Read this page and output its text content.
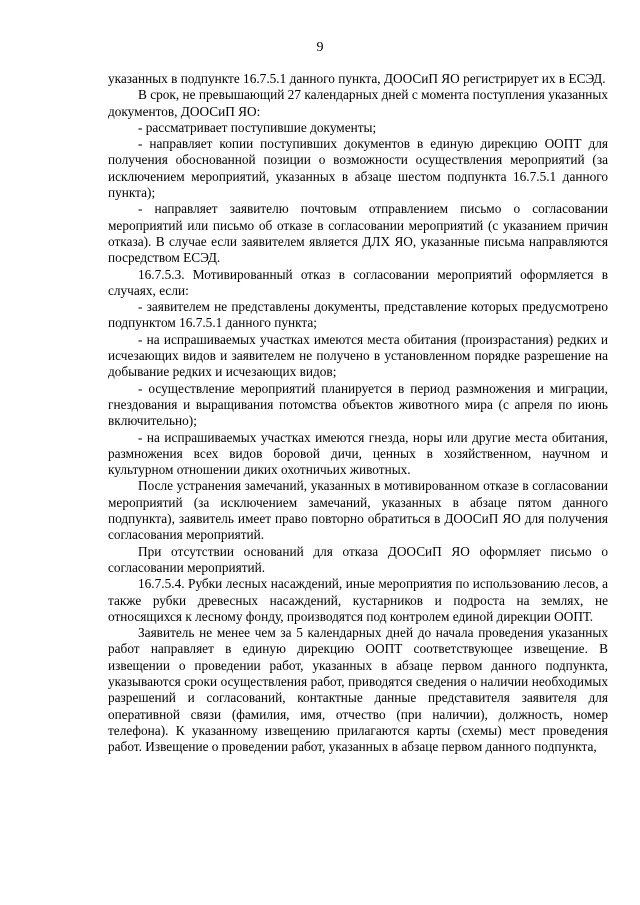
9

указанных в подпункте 16.7.5.1 данного пункта, ДООСиП ЯО регистрирует их в ЕСЭД.

В срок, не превышающий 27 календарных дней с момента поступления указанных документов, ДООСиП ЯО:

- рассматривает поступившие документы;

- направляет копии поступивших документов в единую дирекцию ООПТ для получения обоснованной позиции о возможности осуществления мероприятий (за исключением мероприятий, указанных в абзаце шестом подпункта 16.7.5.1 данного пункта);

- направляет заявителю почтовым отправлением письмо о согласовании мероприятий или письмо об отказе в согласовании мероприятий (с указанием причин отказа). В случае если заявителем является ДЛХ ЯО, указанные письма направляются посредством ЕСЭД.

16.7.5.3. Мотивированный отказ в согласовании мероприятий оформляется в случаях, если:

- заявителем не представлены документы, представление которых предусмотрено подпунктом 16.7.5.1 данного пункта;

- на испрашиваемых участках имеются места обитания (произрастания) редких и исчезающих видов и заявителем не получено в установленном порядке разрешение на добывание редких и исчезающих видов;

- осуществление мероприятий планируется в период размножения и миграции, гнездования и выращивания потомства объектов животного мира (с апреля по июнь включительно);

- на испрашиваемых участках имеются гнезда, норы или другие места обитания, размножения всех видов боровой дичи, ценных в хозяйственном, научном и культурном отношении диких охотничьих животных.

После устранения замечаний, указанных в мотивированном отказе в согласовании мероприятий (за исключением замечаний, указанных в абзаце пятом данного подпункта), заявитель имеет право повторно обратиться в ДООСиП ЯО для получения согласования мероприятий.

При отсутствии оснований для отказа ДООСиП ЯО оформляет письмо о согласовании мероприятий.

16.7.5.4. Рубки лесных насаждений, иные мероприятия по использованию лесов, а также рубки древесных насаждений, кустарников и подроста на землях, не относящихся к лесному фонду, производятся под контролем единой дирекции ООПТ.

Заявитель не менее чем за 5 календарных дней до начала проведения указанных работ направляет в единую дирекцию ООПТ соответствующее извещение. В извещении о проведении работ, указанных в абзаце первом данного подпункта, указываются сроки осуществления работ, приводятся сведения о наличии необходимых разрешений и согласований, контактные данные представителя заявителя для оперативной связи (фамилия, имя, отчество (при наличии), должность, номер телефона). К указанному извещению прилагаются карты (схемы) мест проведения работ. Извещение о проведении работ, указанных в абзаце первом данного подпункта,
